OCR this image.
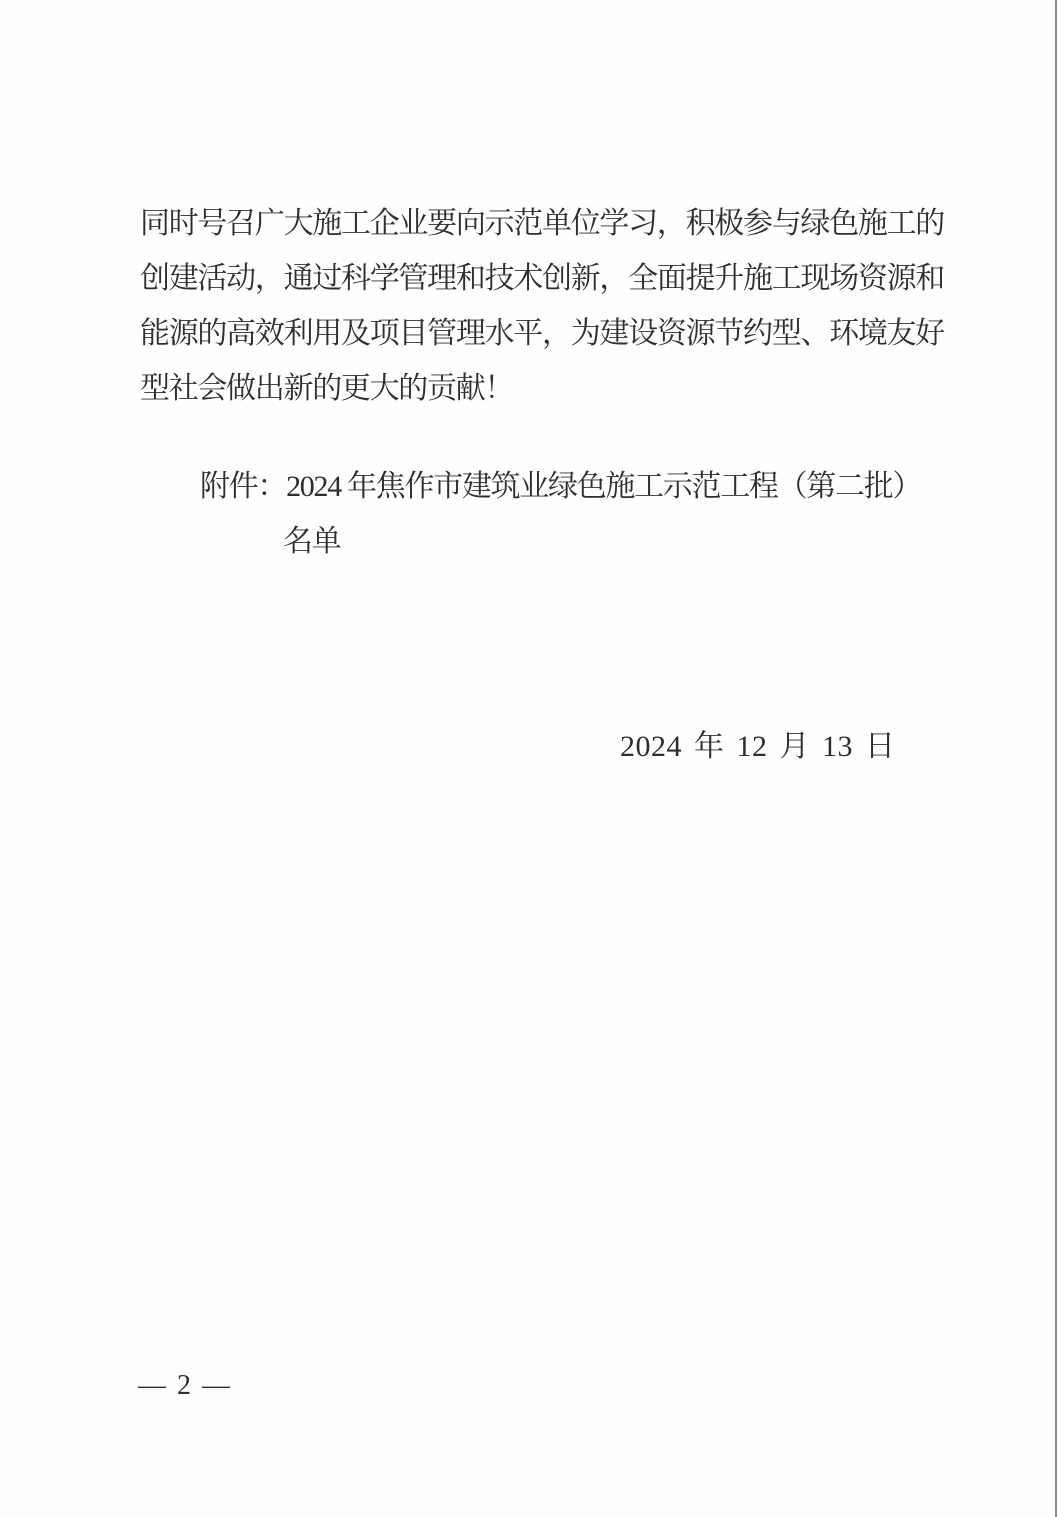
同时号召广大施工企业要向示范单位学习，积极参与绿色施工的
创建活动，通过科学管理和技术创新，全面提升施工现场资源和
能源的高效利用及项目管理水平，为建设资源节约型、环境友好
型社会做出新的更大的贡献！
附件：2024 年焦作市建筑业绿色施工示范工程（第二批）
名单
2024 年 12 月 13 日
— 2 —
